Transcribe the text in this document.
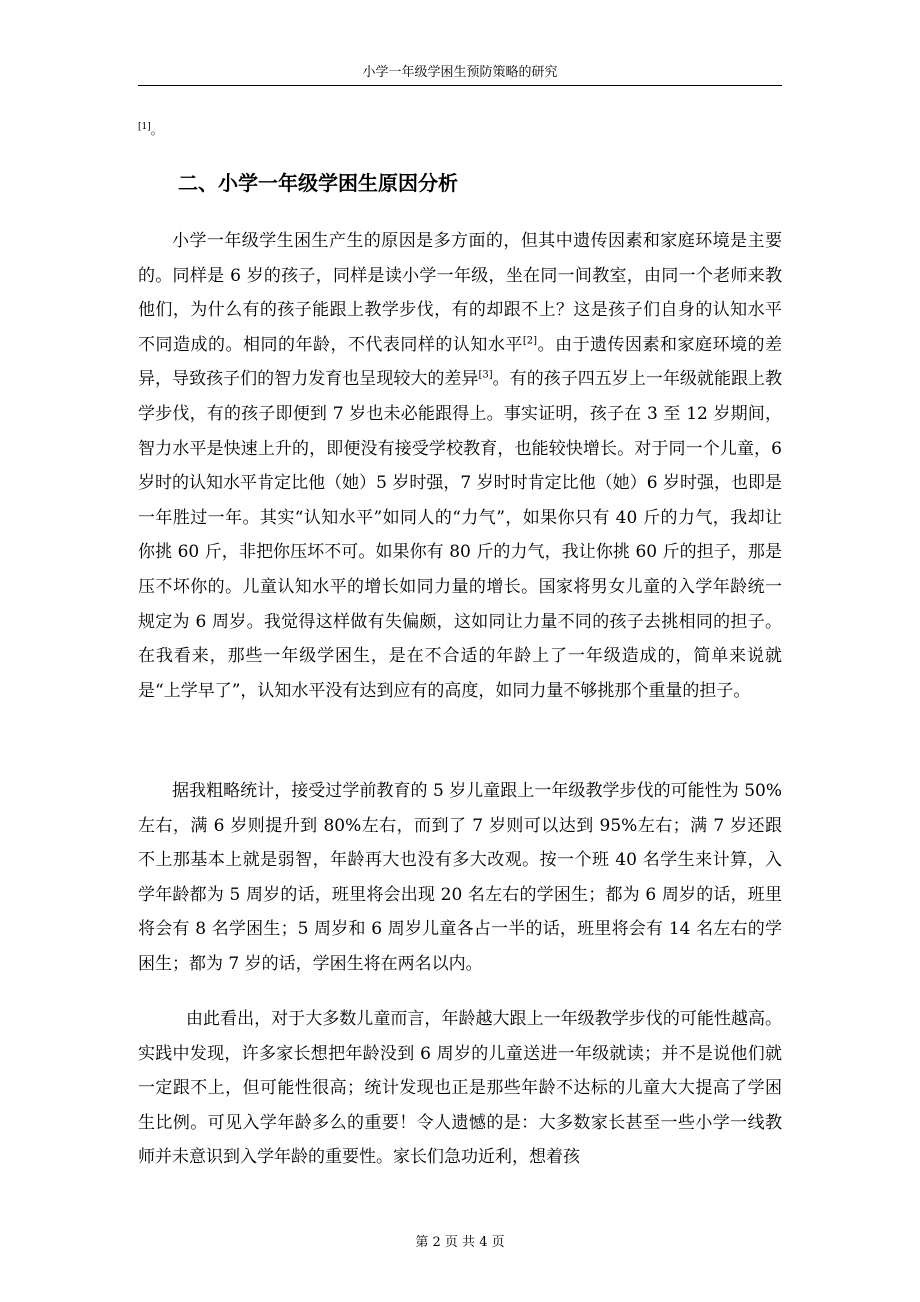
小学一年级学困生预防策略的研究
[1]。
二、小学一年级学困生原因分析

小学一年级学生困生产生的原因是多方面的，但其中遗传因素和家庭环境是主要的。同样是 6 岁的孩子，同样是读小学一年级，坐在同一间教室，由同一个老师来教他们，为什么有的孩子能跟上教学步伐，有的却跟不上？这是孩子们自身的认知水平不同造成的。相同的年龄，不代表同样的认知水平[2]。由于遗传因素和家庭环境的差异，导致孩子们的智力发育也呈现较大的差异[3]。有的孩子四五岁上一年级就能跟上教学步伐，有的孩子即便到 7 岁也未必能跟得上。事实证明，孩子在 3 至 12 岁期间，智力水平是快速上升的，即便没有接受学校教育，也能较快增长。对于同一个儿童，6 岁时的认知水平肯定比他（她）5 岁时强，7 岁时时肯定比他（她）6 岁时强，也即是一年胜过一年。其实“认知水平”如同人的“力气”，如果你只有 40 斤的力气，我却让你挑 60 斤，非把你压坏不可。如果你有 80 斤的力气，我让你挑 60 斤的担子，那是压不坏你的。儿童认知水平的增长如同力量的增长。国家将男女儿童的入学年龄统一规定为 6 周岁。我觉得这样做有失偏颇，这如同让力量不同的孩子去挑相同的担子。在我看来，那些一年级学困生，是在不合适的年龄上了一年级造成的，简单来说就是“上学早了”，认知水平没有达到应有的高度，如同力量不够挑那个重量的担子。

据我粗略统计，接受过学前教育的 5 岁儿童跟上一年级教学步伐的可能性为 50%左右，满 6 岁则提升到 80%左右，而到了 7 岁则可以达到 95%左右；满 7 岁还跟不上那基本上就是弱智，年龄再大也没有多大改观。按一个班 40 名学生来计算，入学年龄都为 5 周岁的话，班里将会出现 20 名左右的学困生；都为 6 周岁的话，班里将会有 8 名学困生；5 周岁和 6 周岁儿童各占一半的话，班里将会有 14 名左右的学困生；都为 7 岁的话，学困生将在两名以内。

由此看出，对于大多数儿童而言，年龄越大跟上一年级教学步伐的可能性越高。实践中发现，许多家长想把年龄没到 6 周岁的儿童送进一年级就读；并不是说他们就一定跟不上，但可能性很高；统计发现也正是那些年龄不达标的儿童大大提高了学困生比例。可见入学年龄多么的重要！令人遗憾的是：大多数家长甚至一些小学一线教师并未意识到入学年龄的重要性。家长们急功近利，想着孩

第 2 页 共 4 页
